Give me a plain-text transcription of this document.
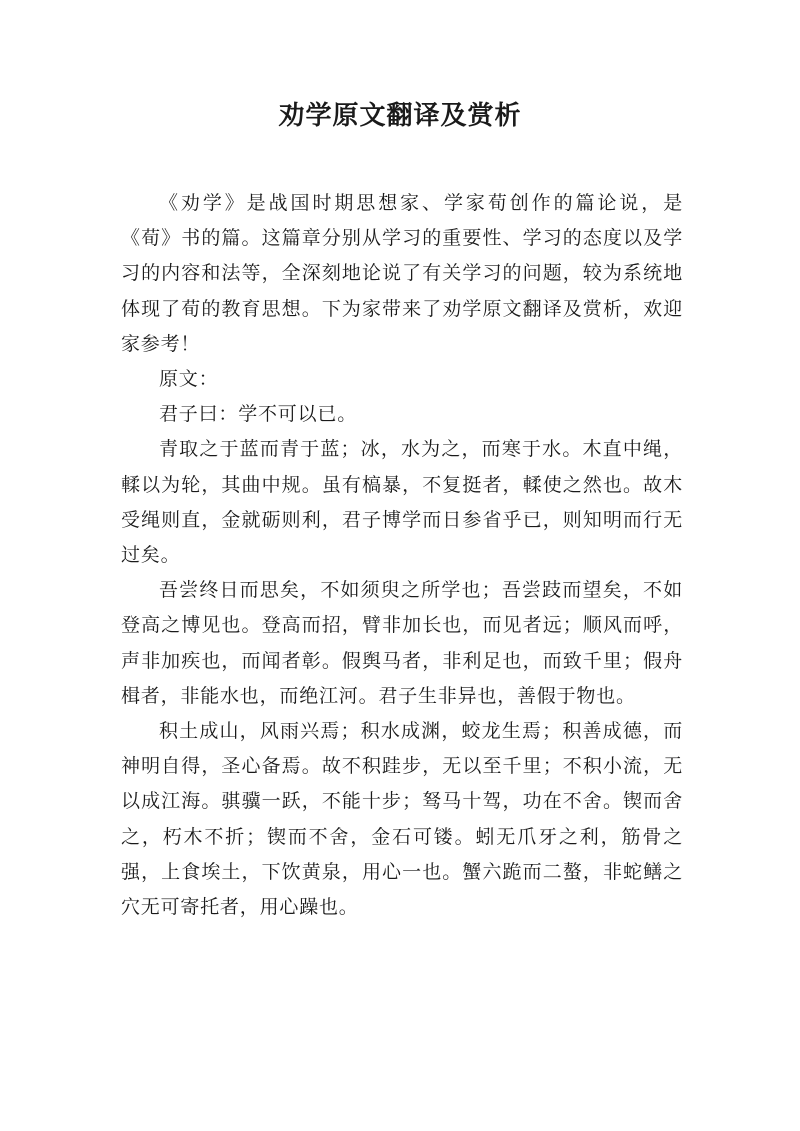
劝学原文翻译及赏析

《劝学》是战国时期思想家、学家荀创作的篇论说，是《荀》书的篇。这篇章分别从学习的重要性、学习的态度以及学习的内容和法等，全深刻地论说了有关学习的问题，较为系统地体现了荀的教育思想。下为家带来了劝学原文翻译及赏析，欢迎家参考！

原文：

君子曰：学不可以已。

青取之于蓝而青于蓝；冰，水为之，而寒于水。木直中绳，輮以为轮，其曲中规。虽有槁暴，不复挺者，輮使之然也。故木受绳则直，金就砺则利，君子博学而日参省乎已，则知明而行无过矣。

吾尝终日而思矣，不如须臾之所学也；吾尝跂而望矣，不如登高之博见也。登高而招，臂非加长也，而见者远；顺风而呼，声非加疾也，而闻者彰。假舆马者，非利足也，而致千里；假舟楫者，非能水也，而绝江河。君子生非异也，善假于物也。

积土成山，风雨兴焉；积水成渊，蛟龙生焉；积善成德，而神明自得，圣心备焉。故不积跬步，无以至千里；不积小流，无以成江海。骐骥一跃，不能十步；驽马十驾，功在不舍。锲而舍之，朽木不折；锲而不舍，金石可镂。蚓无爪牙之利，筋骨之强，上食埃土，下饮黄泉，用心一也。蟹六跪而二螯，非蛇鳝之穴无可寄托者，用心躁也。
